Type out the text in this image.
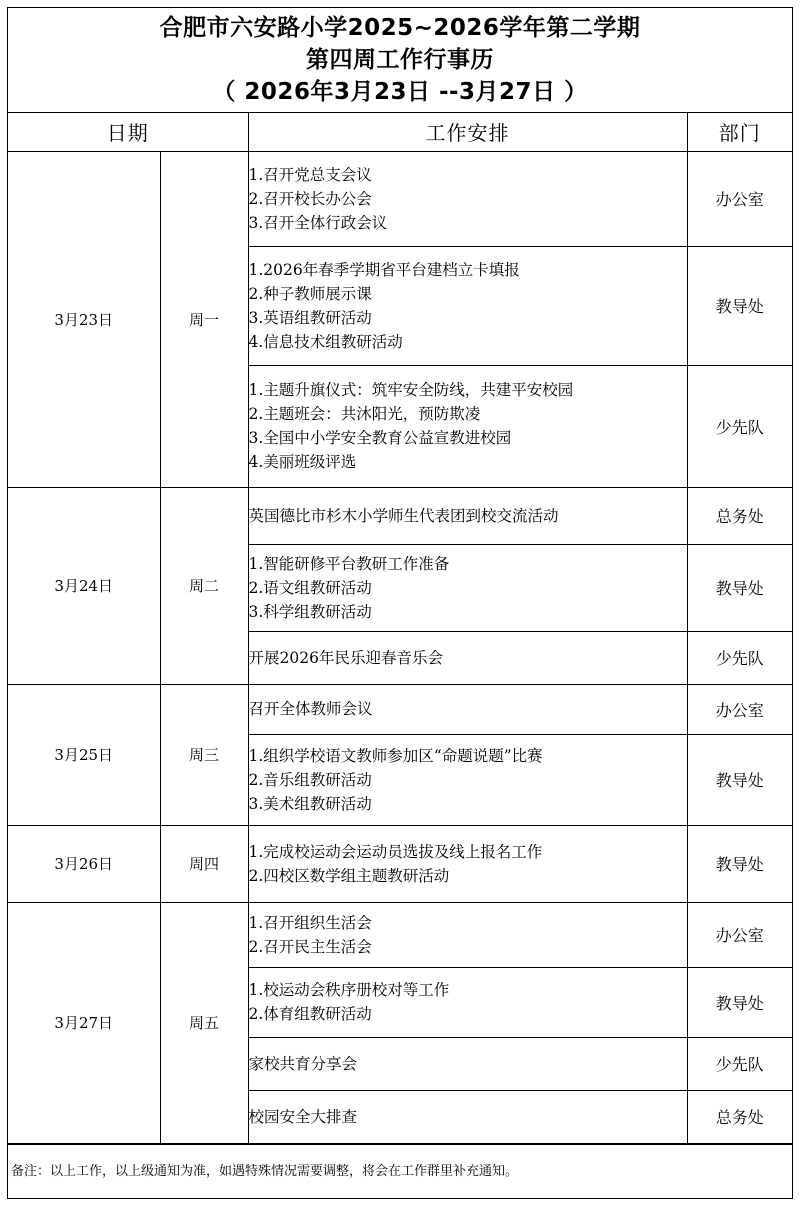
合肥市六安路小学2025~2026学年第二学期
第四周工作行事历
（ 2026年3月23日 --3月27日 ）
日期		工作安排	部门
3月23日	周一	1.召开党总支会议
2.召开校长办公会
3.召开全体行政会议	办公室

		1.2026年春季学期省平台建档立卡填报
2.种子教师展示课
3.英语组教研活动
4.信息技术组教研活动	教导处

		1.主题升旗仪式：筑牢安全防线，共建平安校园
2.主题班会：共沐阳光，预防欺凌
3.全国中小学安全教育公益宣教进校园
4.美丽班级评选	少先队
3月24日	周二	英国德比市杉木小学师生代表团到校交流活动	总务处

		1.智能研修平台教研工作准备
2.语文组教研活动
3.科学组教研活动	教导处

		开展2026年民乐迎春音乐会	少先队
3月25日	周三	召开全体教师会议	办公室

		1.组织学校语文教师参加区“命题说题”比赛
2.音乐组教研活动
3.美术组教研活动	教导处
3月26日	周四	1.完成校运动会运动员选拔及线上报名工作
2.四校区数学组主题教研活动	教导处
3月27日	周五	1.召开组织生活会
2.召开民主生活会	办公室

		1.校运动会秩序册校对等工作
2.体育组教研活动	教导处

		家校共育分享会	少先队

		校园安全大排查	总务处
备注：以上工作，以上级通知为准，如遇特殊情况需要调整，将会在工作群里补充通知。
